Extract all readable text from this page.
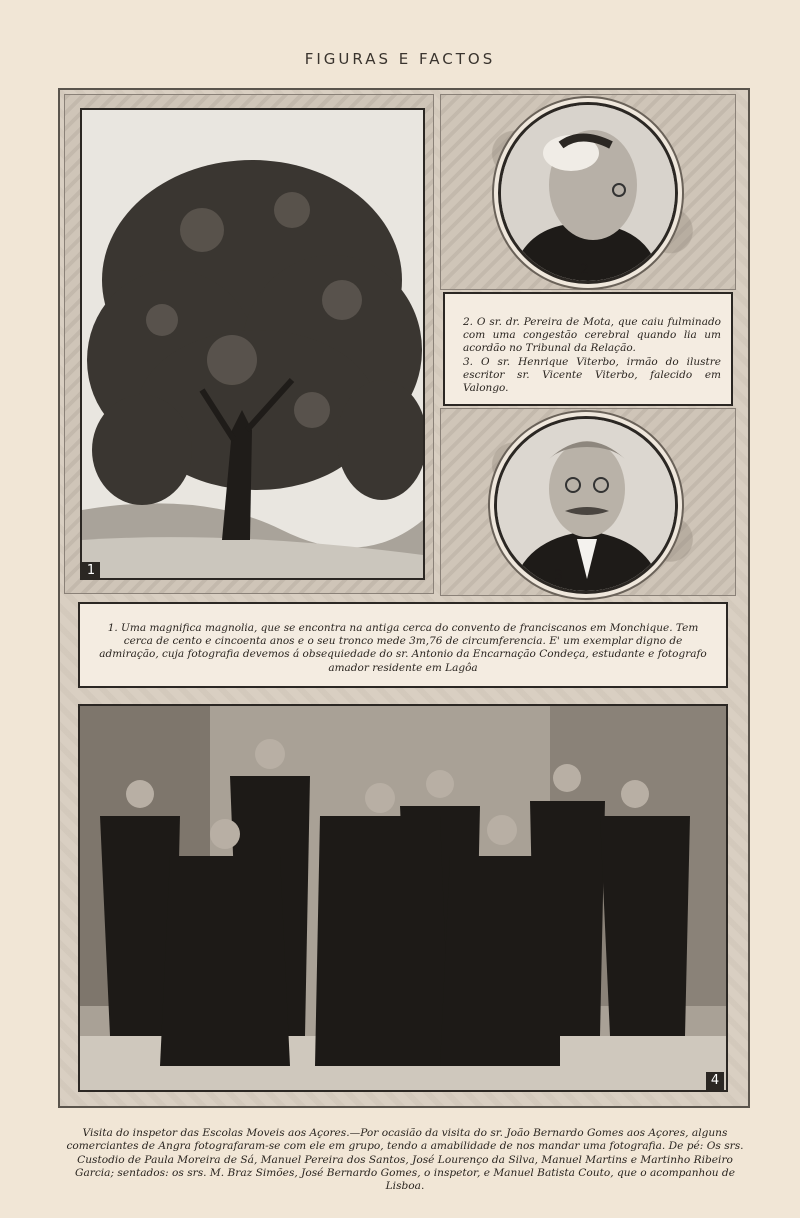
FIGURAS E FACTOS
1
2

2. O sr. dr. Pereira de Mota, que caiu fulminado com uma congestão cerebral quando lia um acordão no Tribunal da Relação.

3. O sr. Henrique Viterbo, irmão do ilustre escritor sr. Vicente Viterbo, falecido em Valongo.

3
1. Uma magnifica magnolia, que se encontra na antiga cerca do convento de franciscanos em Monchique. Tem cerca de cento e cincoenta anos e o seu tronco mede 3m,76 de circumferencia. E' um exemplar digno de admiração, cuja fotografia devemos á obsequiedade do sr. Antonio da Encarnação Condeça, estudante e fotografo amador residente em Lagôa
4
Visita do inspetor das Escolas Moveis aos Açores.—Por ocasião da visita do sr. João Bernardo Gomes aos Açores, alguns comerciantes de Angra fotografaram-se com ele em grupo, tendo a amabilidade de nos mandar uma fotografia. De pé: Os srs. Custodio de Paula Moreira de Sá, Manuel Pereira dos Santos, José Lourenço da Silva, Manuel Martins e Martinho Ribeiro Garcia; sentados: os srs. M. Braz Simões, José Bernardo Gomes, o inspetor, e Manuel Batista Couto, que o acompanhou de Lisboa.
